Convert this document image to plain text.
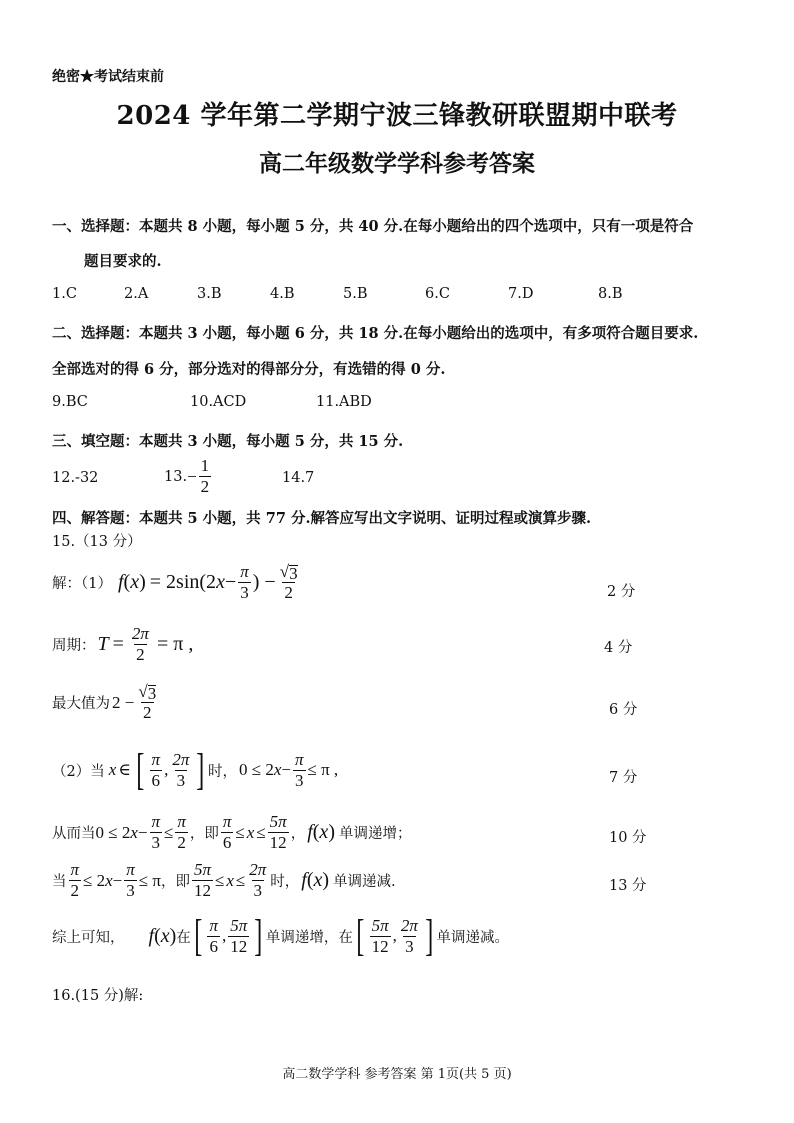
绝密★考试结束前
2024 学年第二学期宁波三锋教研联盟期中联考
高二年级数学学科参考答案
一、选择题：本题共 8 小题，每小题 5 分，共 40 分.在每小题给出的四个选项中，只有一项是符合
题目要求的.
1.C	2.A	3.B	4.B	5.B	6.C	7.D	8.B
二、选择题：本题共 3 小题，每小题 6 分，共 18 分.在每小题给出的选项中，有多项符合题目要求.
全部选对的得 6 分，部分选对的得部分分，有选错的得 0 分.
9.BC	10.ACD	11.ABD
三、填空题：本题共 3 小题，每小题 5 分，共 15 分.
12.-32	13. − $\frac{1}{2}$	14.7
四、解答题：本题共 5 小题，共 77 分.解答应写出文字说明、证明过程或演算步骤.
15.（13 分）
解：（1） f ( x ) = 2sin(2 $x - \frac{\pi}{3}$ ) − $\frac{√ 3}{2}$	2 分
周期： $T = \frac{2\pi}{2} = \pi$ ,	4 分
最大值为 $2 - \frac{√ 3}{2}$	6 分
（2）当 x ∈ [ $\frac{\pi}{6}$ , $\frac{2\pi}{3}$ ] 时， 0 ≤ 2 $x - \frac{\pi}{3} \le \pi$ ,	7 分
从而当 0 ≤ 2 $x - \frac{\pi}{3} \le \frac{\pi}{2}$ ，即 $\frac{\pi}{6} \le x \le \frac{5\pi}{12}$ ， f ( x ) 单调递增；	10 分
当 $\frac{\pi}{2} \le 2$ $x - \frac{\pi}{3} \le \pi$ ，即 $\frac{5\pi}{12} \le x \le \frac{2\pi}{3}$ 时， f ( x ) 单调递减.	13 分
综上可知， f ( x ) 在 [ $\frac{\pi}{6}$ , $\frac{5\pi}{12}$ ] 单调递增，在 [ $\frac{5\pi}{12}$ , $\frac{2\pi}{3}$ ] 单调递减。
16.(15 分)解:
高二数学学科 参考答案 第 1页(共 5 页)
